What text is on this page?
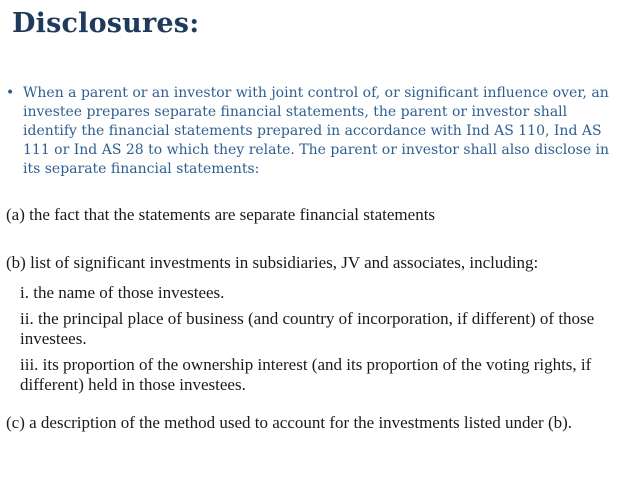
Disclosures:
• When a parent or an investor with joint control of, or significant influence over, an investee prepares separate financial statements, the parent or investor shall identify the financial statements prepared in accordance with Ind AS 110, Ind AS 111 or Ind AS 28 to which they relate. The parent or investor shall also disclose in its separate financial statements:
(a) the fact that the statements are separate financial statements
(b) list of significant investments in subsidiaries, JV and associates, including:
i. the name of those investees.
ii. the principal place of business (and country of incorporation, if different) of those investees.
iii. its proportion of the ownership interest (and its proportion of the voting rights, if different) held in those investees.
(c) a description of the method used to account for the investments listed under (b).
